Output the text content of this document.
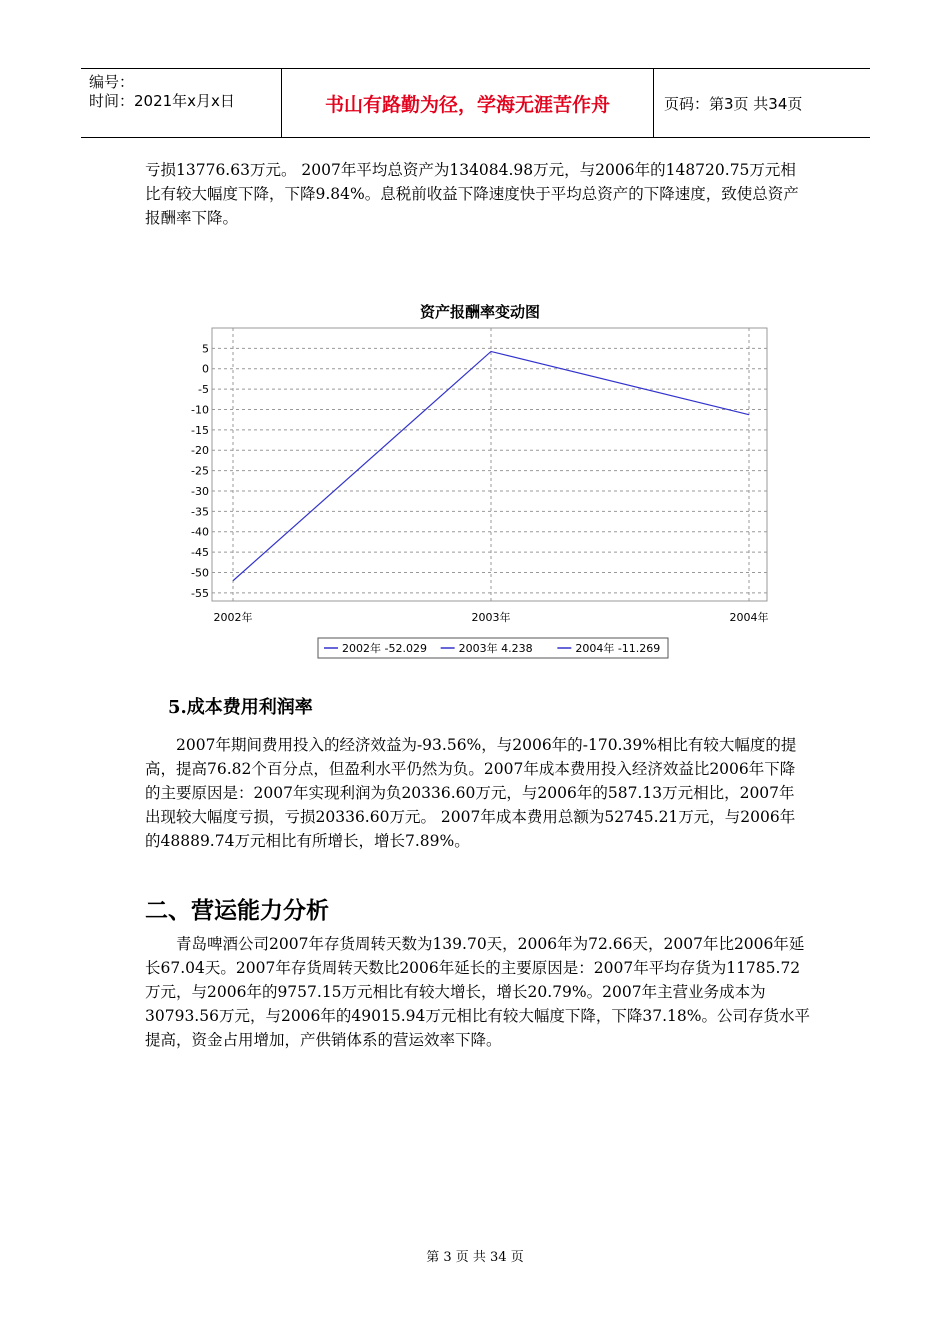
编号：
时间：2021年x月x日	书山有路勤为径，学海无涯苦作舟	页码：第3页 共34页

亏损13776.63万元。 2007年平均总资产为134084.98万元，与2006年的148720.75万元相比有较大幅度下降，下降9.84%。息税前收益下降速度快于平均总资产的下降速度，致使总资产报酬率下降。

资产报酬率变动图
5
0
-5
-10
-15
-20
-25
-30
-35
-40
-45
-50
-55
2002年	2003年	2004年
2002年 -52.029	2003年 4.238	2004年 -11.269
5.成本费用利润率

2007年期间费用投入的经济效益为-93.56%，与2006年的-170.39%相比有较大幅度的提高，提高76.82个百分点，但盈利水平仍然为负。2007年成本费用投入经济效益比2006年下降的主要原因是：2007年实现利润为负20336.60万元，与2006年的587.13万元相比，2007年出现较大幅度亏损，亏损20336.60万元。 2007年成本费用总额为52745.21万元，与2006年的48889.74万元相比有所增长，增长7.89%。

二、营运能力分析

青岛啤酒公司2007年存货周转天数为139.70天，2006年为72.66天，2007年比2006年延长67.04天。2007年存货周转天数比2006年延长的主要原因是：2007年平均存货为11785.72万元，与2006年的9757.15万元相比有较大增长，增长20.79%。2007年主营业务成本为30793.56万元，与2006年的49015.94万元相比有较大幅度下降，下降37.18%。公司存货水平提高，资金占用增加，产供销体系的营运效率下降。

第 3 页 共 34 页
